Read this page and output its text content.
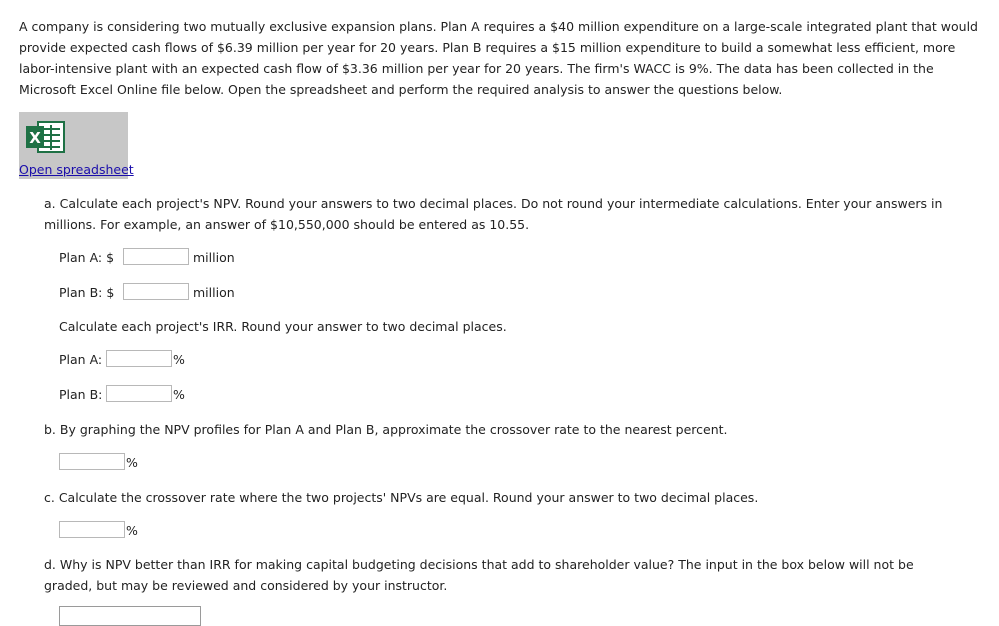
A company is considering two mutually exclusive expansion plans. Plan A requires a $40 million expenditure on a large-scale integrated plant that would provide expected cash flows of $6.39 million per year for 20 years. Plan B requires a $15 million expenditure to build a somewhat less efficient, more labor-intensive plant with an expected cash flow of $3.36 million per year for 20 years. The firm's WACC is 9%. The data has been collected in the Microsoft Excel Online file below. Open the spreadsheet and perform the required analysis to answer the questions below.

X
Open spreadsheet

a. Calculate each project's NPV. Round your answers to two decimal places. Do not round your intermediate calculations. Enter your answers in millions. For example, an answer of $10,550,000 should be entered as 10.55.

Plan A: $	million
Plan B: $	million
Calculate each project's IRR. Round your answer to two decimal places.
Plan A:	%
Plan B:	%
b. By graphing the NPV profiles for Plan A and Plan B, approximate the crossover rate to the nearest percent.
%
c. Calculate the crossover rate where the two projects' NPVs are equal. Round your answer to two decimal places.
%

d. Why is NPV better than IRR for making capital budgeting decisions that add to shareholder value? The input in the box below will not be graded, but may be reviewed and considered by your instructor.
